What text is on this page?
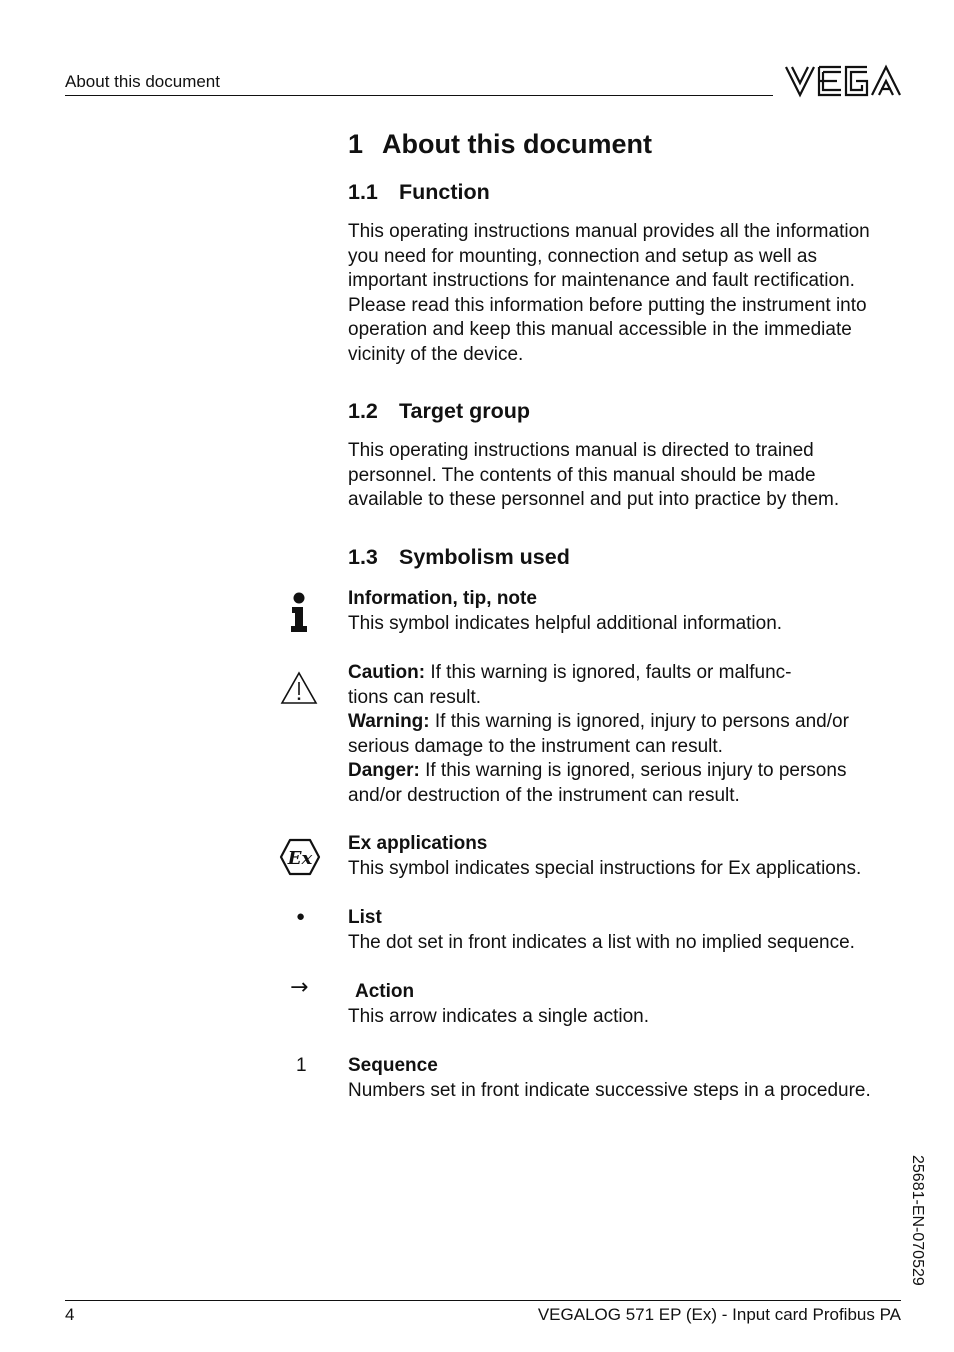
About this document
1 About this document
1.1 Function
This operating instructions manual provides all the information
you need for mounting, connection and setup as well as
important instructions for maintenance and fault rectification.
Please read this information before putting the instrument into
operation and keep this manual accessible in the immediate
vicinity of the device.
1.2 Target group
This operating instructions manual is directed to trained
personnel. The contents of this manual should be made
available to these personnel and put into practice by them.
1.3 Symbolism used
Information, tip, note
This symbol indicates helpful additional information.
Caution: If this warning is ignored, faults or malfunc-
tions can result.
Warning: If this warning is ignored, injury to persons and/or
serious damage to the instrument can result.
Danger: If this warning is ignored, serious injury to persons
and/or destruction of the instrument can result.
Ex
Ex applications
This symbol indicates special instructions for Ex applications.
● List
The dot set in front indicates a list with no implied sequence.
→	Action
This arrow indicates a single action.
1 Sequence
Numbers set in front indicate successive steps in a procedure.
25681-EN-070529
4	VEGALOG 571 EP (Ex) - Input card Profibus PA
